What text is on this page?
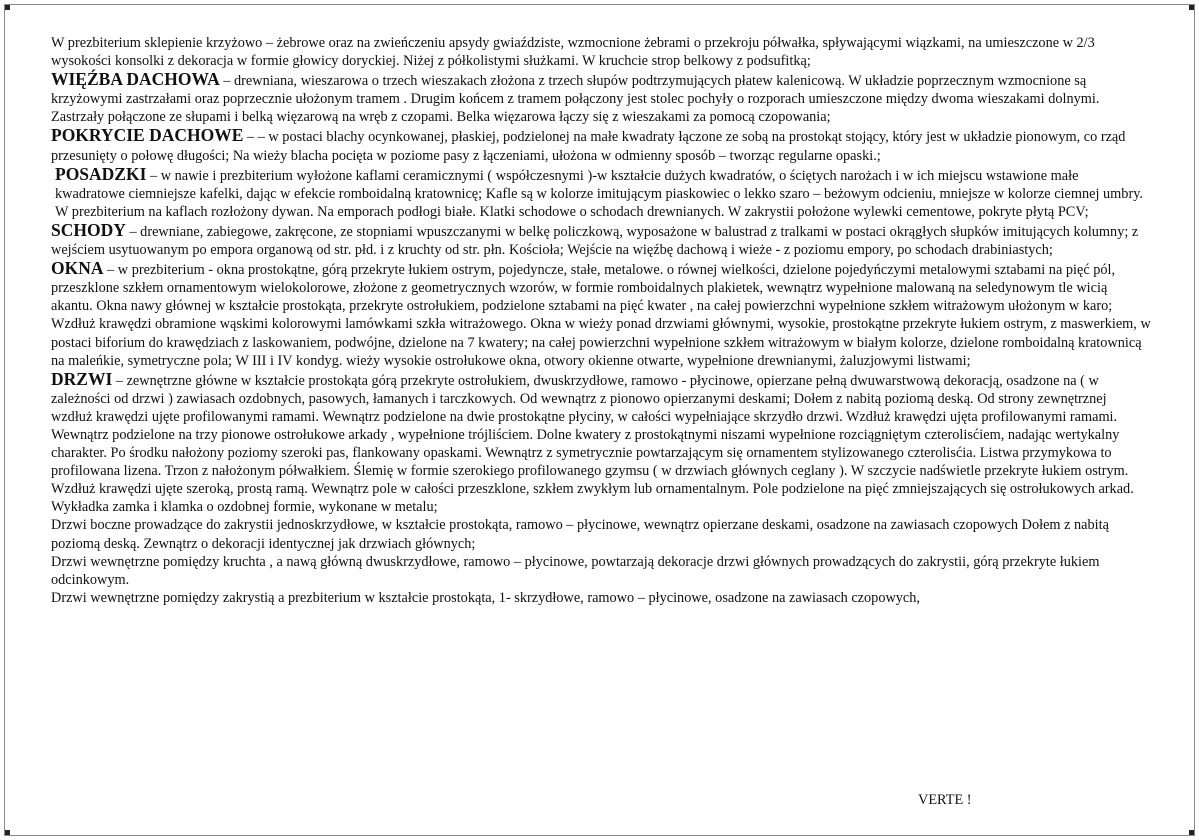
W prezbiterium sklepienie krzyżowo – żebrowe oraz na zwieńczeniu apsydy gwiaździste, wzmocnione żebrami o przekroju półwałka, spływającymi wiązkami, na umieszczone w 2/3 wysokości konsolki z dekoracja w formie głowicy doryckiej. Niżej z półkolistymi służkami. W kruchcie strop belkowy z podsufitką;

WIĘŹBA DACHOWA – drewniana, wieszarowa o trzech wieszakach złożona z trzech słupów podtrzymujących płatew kalenicową. W układzie poprzecznym wzmocnione są krzyżowymi zastrzałami oraz poprzecznie ułożonym tramem . Drugim końcem z tramem połączony jest stolec pochyły o rozporach umieszczone między dwoma wieszakami dolnymi. Zastrzały połączone ze słupami i belką więzarową na wręb z czopami. Belka więzarowa łączy się z wieszakami za pomocą czopowania;

POKRYCIE DACHOWE – – w postaci blachy ocynkowanej, płaskiej, podzielonej na małe kwadraty łączone ze sobą na prostokąt stojący, który jest w układzie pionowym, co rząd przesunięty o połowę długości; Na wieży blacha pocięta w poziome pasy z łączeniami, ułożona w odmienny sposób – tworząc regularne opaski.;

POSADZKI – w nawie i prezbiterium wyłożone kaflami ceramicznymi ( współczesnymi )-w kształcie dużych kwadratów, o ściętych narożach i w ich miejscu wstawione małe kwadratowe ciemniejsze kafelki, dając w efekcie romboidalną kratownicę; Kafle są w kolorze imitującym piaskowiec o lekko szaro – beżowym odcieniu, mniejsze w kolorze ciemnej umbry. W prezbiterium na kaflach rozłożony dywan. Na emporach podłogi białe. Klatki schodowe o schodach drewnianych. W zakrystii położone wylewki cementowe, pokryte płytą PCV;

SCHODY – drewniane, zabiegowe, zakręcone, ze stopniami wpuszczanymi w belkę policzkową, wyposażone w balustrad z tralkami w postaci okrągłych słupków imitujących kolumny; z wejściem usytuowanym po empora organową od str. płd. i z kruchty od str. płn. Kościoła; Wejście na więźbę dachową i wieże - z poziomu empory, po schodach drabiniastych;

OKNA – w prezbiterium - okna prostokątne, górą przekryte łukiem ostrym, pojedyncze, stałe, metalowe. o równej wielkości, dzielone pojedyńczymi metalowymi sztabami na pięć pól, przeszklone szkłem ornamentowym wielokolorowe, złożone z geometrycznych wzorów, w formie romboidalnych plakietek, wewnątrz wypełnione malowaną na seledynowym tle wicią akantu. Okna nawy głównej w kształcie prostokąta, przekryte ostrołukiem, podzielone sztabami na pięć kwater , na całej powierzchni wypełnione szkłem witrażowym ułożonym w karo; Wzdłuż krawędzi obramione wąskimi kolorowymi lamówkami szkła witrażowego. Okna w wieży ponad drzwiami głównymi, wysokie, prostokątne przekryte łukiem ostrym, z maswerkiem, w postaci biforium do krawędziach z laskowaniem, podwójne, dzielone na 7 kwatery; na całej powierzchni wypełnione szkłem witrażowym w białym kolorze, dzielone romboidalną kratownicą na maleńkie, symetryczne pola; W III i IV kondyg. wieży wysokie ostrołukowe okna, otwory okienne otwarte, wypełnione drewnianymi, żaluzjowymi listwami;

DRZWI – zewnętrzne główne w kształcie prostokąta górą przekryte ostrołukiem, dwuskrzydłowe, ramowo - płycinowe, opierzane pełną dwuwarstwową dekoracją, osadzone na ( w zależności od drzwi ) zawiasach ozdobnych, pasowych, łamanych i tarczkowych. Od wewnątrz z pionowo opierzanymi deskami; Dołem z nabitą poziomą deską. Od strony zewnętrznej wzdłuż krawędzi ujęte profilowanymi ramami. Wewnątrz podzielone na dwie prostokątne płyciny, w całości wypełniające skrzydło drzwi. Wzdłuż krawędzi ujęta profilowanymi ramami. Wewnątrz podzielone na trzy pionowe ostrołukowe arkady , wypełnione trójliściem. Dolne kwatery z prostokątnymi niszami wypełnione rozciągniętym czterolisćiem, nadając wertykalny charakter. Po środku nałożony poziomy szeroki pas, flankowany opaskami. Wewnątrz z symetrycznie powtarzającym się ornamentem stylizowanego czterolisćia. Listwa przymykowa to profilowana lizena. Trzon z nałożonym półwałkiem. Ślemię w formie szerokiego profilowanego gzymsu ( w drzwiach głównych ceglany ). W szczycie nadświetle przekryte łukiem ostrym. Wzdłuż krawędzi ujęte szeroką, prostą ramą. Wewnątrz pole w całości przeszklone, szkłem zwykłym lub ornamentalnym. Pole podzielone na pięć zmniejszających się ostrołukowych arkad. Wykładka zamka i klamka o ozdobnej formie, wykonane w metalu;

Drzwi boczne prowadzące do zakrystii jednoskrzydłowe, w kształcie prostokąta, ramowo – płycinowe, wewnątrz opierzane deskami, osadzone na zawiasach czopowych Dołem z nabitą poziomą deską. Zewnątrz o dekoracji identycznej jak drzwiach głównych;

Drzwi wewnętrzne pomiędzy kruchta , a nawą główną dwuskrzydłowe, ramowo – płycinowe, powtarzają dekoracje drzwi głównych prowadzących do zakrystii, górą przekryte łukiem odcinkowym.

Drzwi wewnętrzne pomiędzy zakrystią a prezbiterium w kształcie prostokąta, 1- skrzydłowe, ramowo – płycinowe, osadzone na zawiasach czopowych,

VERTE !
